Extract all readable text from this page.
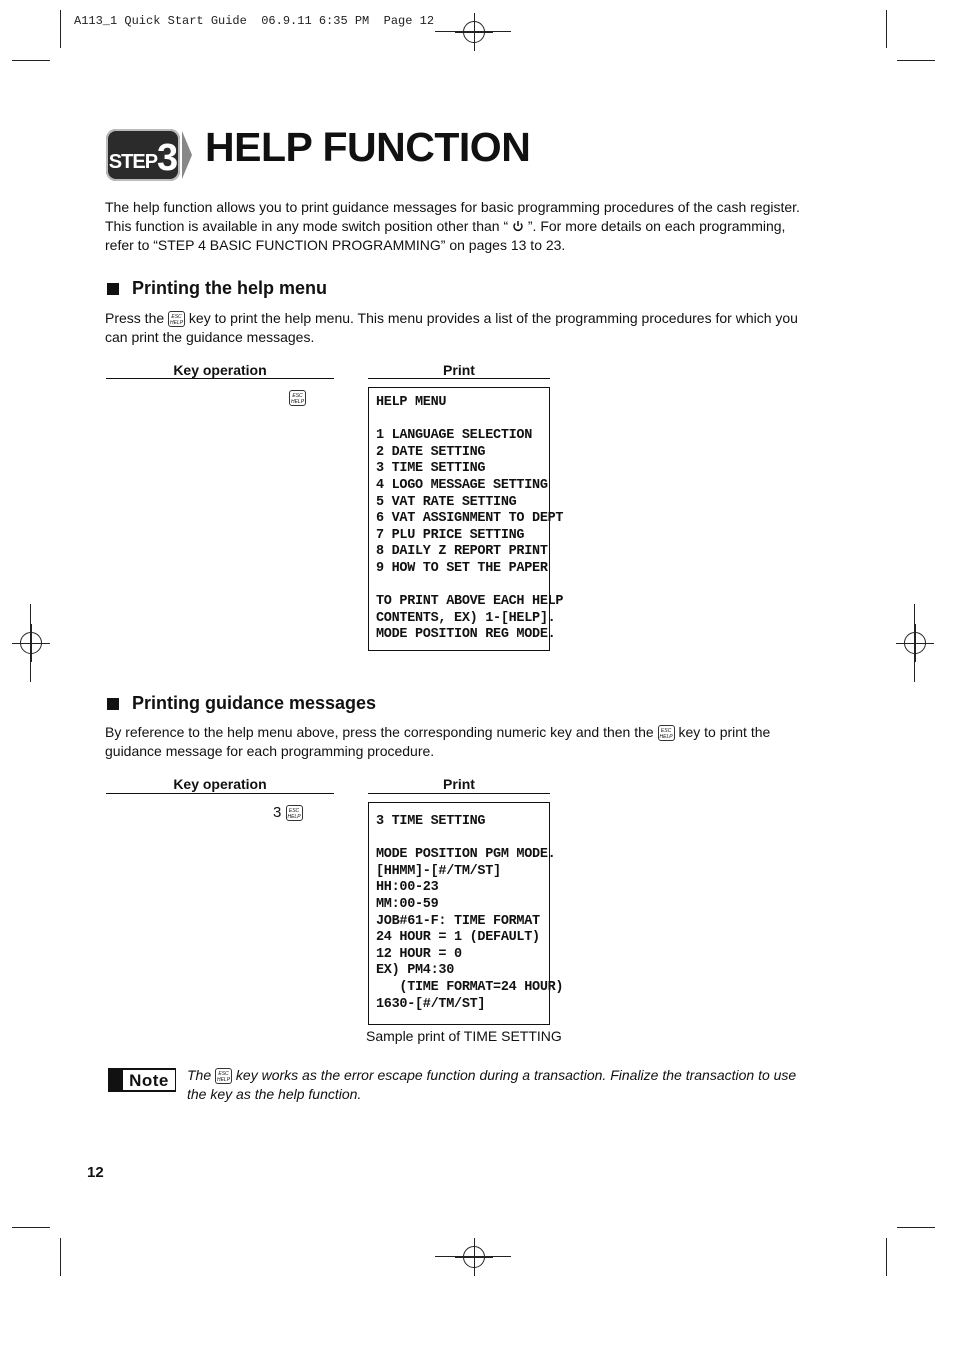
A113_1 Quick Start Guide  06.9.11 6:35 PM  Page 12
STEP 3 HELP FUNCTION
The help function allows you to print guidance messages for basic programming procedures of the cash register.
This function is available in any mode switch position other than “ ”. For more details on each programming,
refer to “STEP 4 BASIC FUNCTION PROGRAMMING” on pages 13 to 23.
Printing the help menu
Press the	ESC
HELP key to print the help menu. This menu provides a list of the programming procedures for which you
can print the guidance messages.
Key operation	Print
ESC
HELP	HELP MENU
1 LANGUAGE SELECTION
2 DATE SETTING
3 TIME SETTING
4 LOGO MESSAGE SETTING
5 VAT RATE SETTING
6 VAT ASSIGNMENT TO DEPT
7 PLU PRICE SETTING
8 DAILY Z REPORT PRINT
9 HOW TO SET THE PAPER
TO PRINT ABOVE EACH HELP
CONTENTS, EX) 1-[HELP].
MODE POSITION REG MODE.
Printing guidance messages
By reference to the help menu above, press the corresponding numeric key and then the	ESC
HELP key to print the
guidance message for each programming procedure.
Key operation	Print
3	ESC
HELP	3 TIME SETTING
MODE POSITION PGM MODE.
[HHMM]-[#/TM/ST]
HH:00-23
MM:00-59
JOB#61-F: TIME FORMAT
24 HOUR = 1 (DEFAULT)
12 HOUR = 0
EX) PM4:30
(TIME FORMAT=24 HOUR)
1630-[#/TM/ST]
Sample print of TIME SETTING
Note	The	ESC
HELP key works as the error escape function during a transaction. Finalize the transaction to use
the key as the help function.
12
